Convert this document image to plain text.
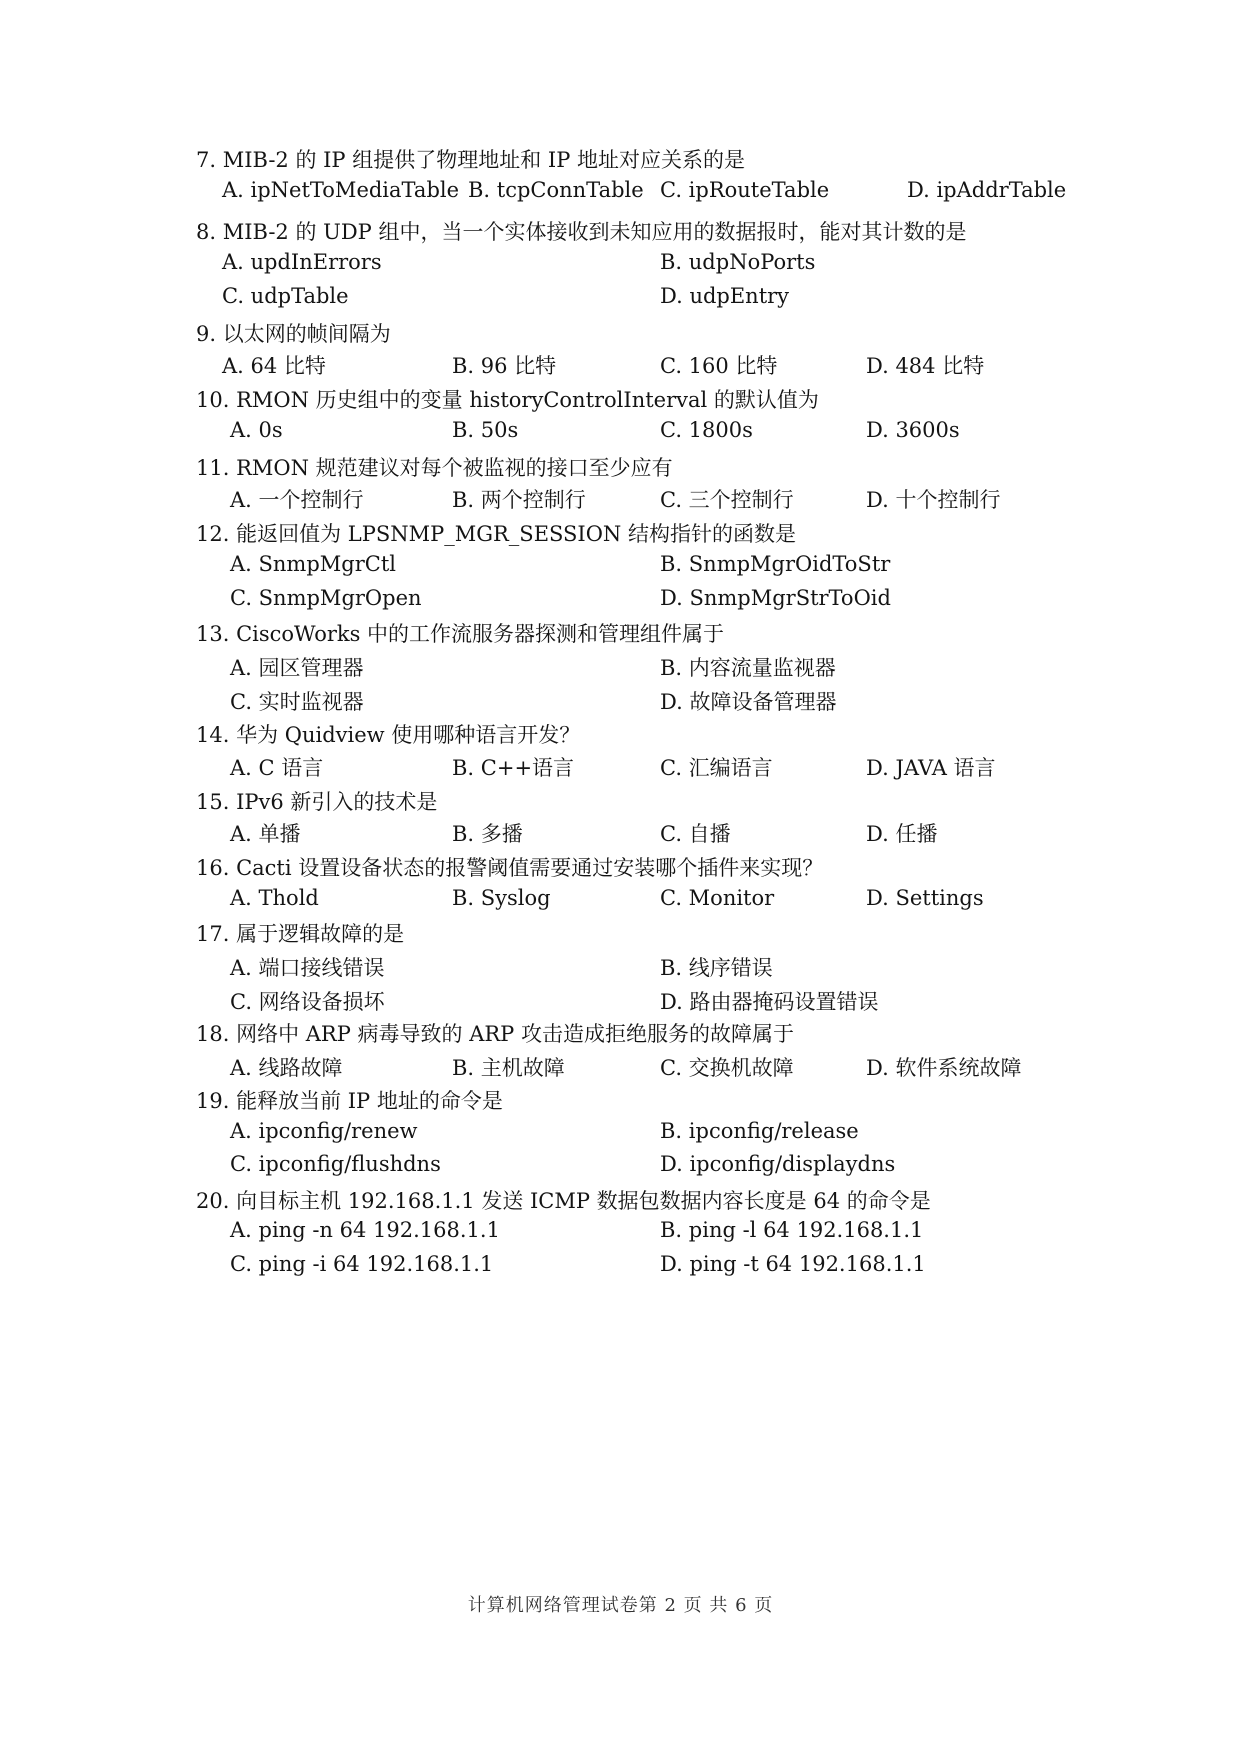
7. MIB-2 的 IP 组提供了物理地址和 IP 地址对应关系的是
A. ipNetToMediaTable B. tcpConnTable C. ipRouteTable	D. ipAddrTable
8. MIB-2 的 UDP 组中，当一个实体接收到未知应用的数据报时，能对其计数的是
A. updInErrors	B. udpNoPorts
C. udpTable	D. udpEntry
9. 以太网的帧间隔为
A. 64 比特	B. 96 比特	C. 160 比特	D. 484 比特
10. RMON 历史组中的变量 historyControlInterval 的默认值为
A. 0s	B. 50s	C. 1800s	D. 3600s
11. RMON 规范建议对每个被监视的接口至少应有
A. 一个控制行	B. 两个控制行	C. 三个控制行	D. 十个控制行
12. 能返回值为 LPSNMP_MGR_SESSION 结构指针的函数是
A. SnmpMgrCtl	B. SnmpMgrOidToStr
C. SnmpMgrOpen	D. SnmpMgrStrToOid
13. CiscoWorks 中的工作流服务器探测和管理组件属于
A. 园区管理器	B. 内容流量监视器
C. 实时监视器	D. 故障设备管理器
14. 华为 Quidview 使用哪种语言开发？
A. C 语言	B. C++语言	C. 汇编语言	D. JAVA 语言
15. IPv6 新引入的技术是
A. 单播	B. 多播	C. 自播	D. 任播
16. Cacti 设置设备状态的报警阈值需要通过安装哪个插件来实现？
A. Thold	B. Syslog	C. Monitor	D. Settings
17. 属于逻辑故障的是
A. 端口接线错误	B. 线序错误
C. 网络设备损坏	D. 路由器掩码设置错误
18. 网络中 ARP 病毒导致的 ARP 攻击造成拒绝服务的故障属于
A. 线路故障	B. 主机故障	C. 交换机故障	D. 软件系统故障
19. 能释放当前 IP 地址的命令是
A. ipconfig/renew	B. ipconfig/release
C. ipconfig/flushdns	D. ipconfig/displaydns
20. 向目标主机 192.168.1.1 发送 ICMP 数据包数据内容长度是 64 的命令是
A. ping -n 64 192.168.1.1	B. ping -l 64 192.168.1.1
C. ping -i 64 192.168.1.1	D. ping -t 64 192.168.1.1
计算机网络管理试卷第 2 页 共 6 页
